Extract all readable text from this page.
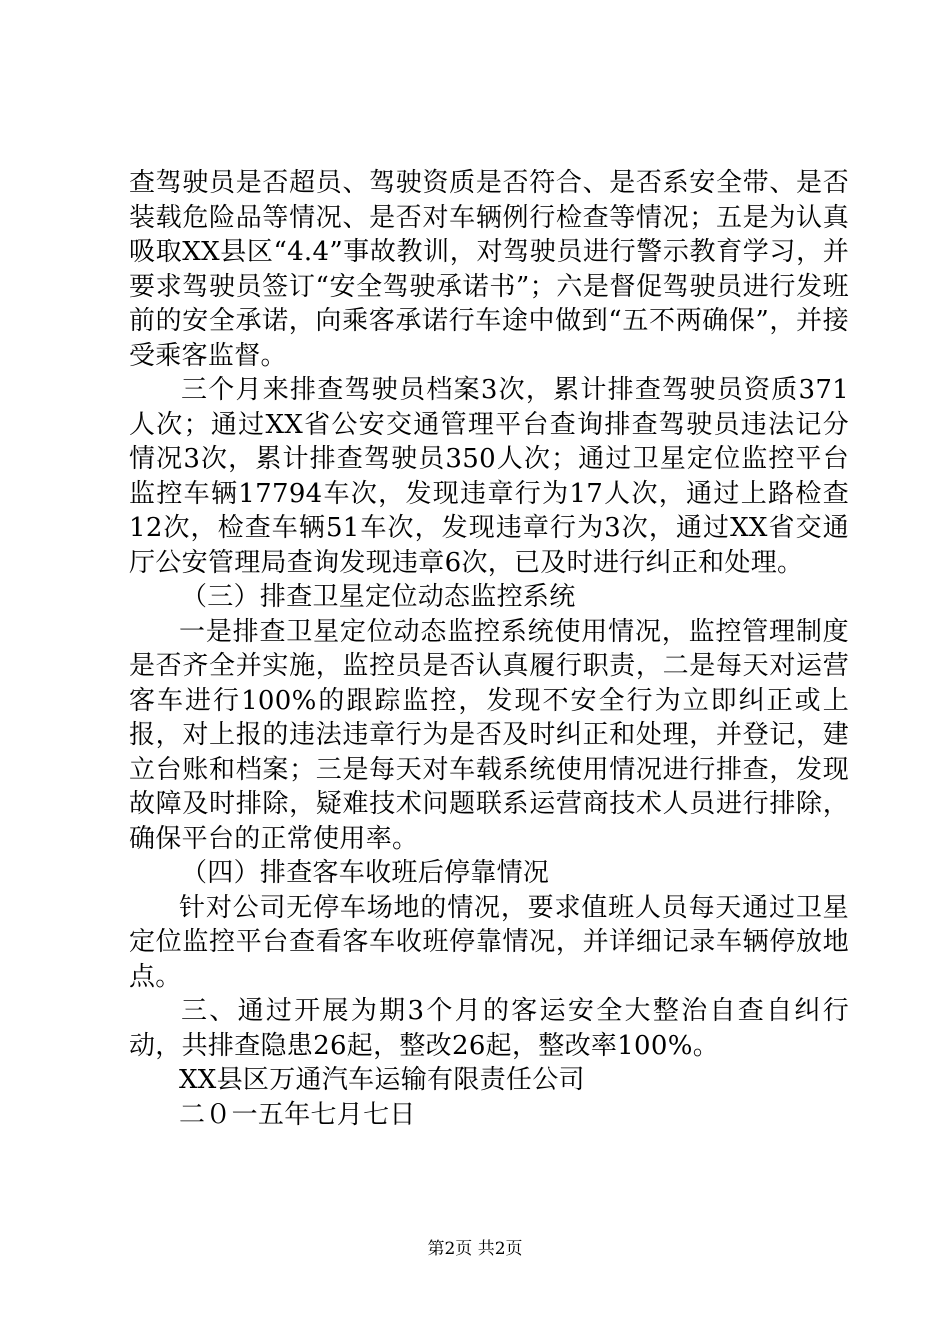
查驾驶员是否超员、驾驶资质是否符合、是否系安全带、是否装载危险品等情况、是否对车辆例行检查等情况；五是为认真吸取XX县区“4.4”事故教训，对驾驶员进行警示教育学习，并要求驾驶员签订“安全驾驶承诺书”；六是督促驾驶员进行发班前的安全承诺，向乘客承诺行车途中做到“五不两确保”，并接受乘客监督。

三个月来排查驾驶员档案3次，累计排查驾驶员资质371人次；通过XX省公安交通管理平台查询排查驾驶员违法记分情况3次，累计排查驾驶员350人次；通过卫星定位监控平台监控车辆17794车次，发现违章行为17人次，通过上路检查12次，检查车辆51车次，发现违章行为3次，通过XX省交通厅公安管理局查询发现违章6次，已及时进行纠正和处理。

（三）排查卫星定位动态监控系统

一是排查卫星定位动态监控系统使用情况，监控管理制度是否齐全并实施，监控员是否认真履行职责，二是每天对运营客车进行100%的跟踪监控，发现不安全行为立即纠正或上报，对上报的违法违章行为是否及时纠正和处理，并登记，建立台账和档案；三是每天对车载系统使用情况进行排查，发现故障及时排除，疑难技术问题联系运营商技术人员进行排除，确保平台的正常使用率。

（四）排查客车收班后停靠情况

针对公司无停车场地的情况，要求值班人员每天通过卫星定位监控平台查看客车收班停靠情况，并详细记录车辆停放地点。

三、通过开展为期3个月的客运安全大整治自查自纠行动，共排查隐患26起，整改26起，整改率100%。

XX县区万通汽车运输有限责任公司

二０一五年七月七日

第2页 共2页
